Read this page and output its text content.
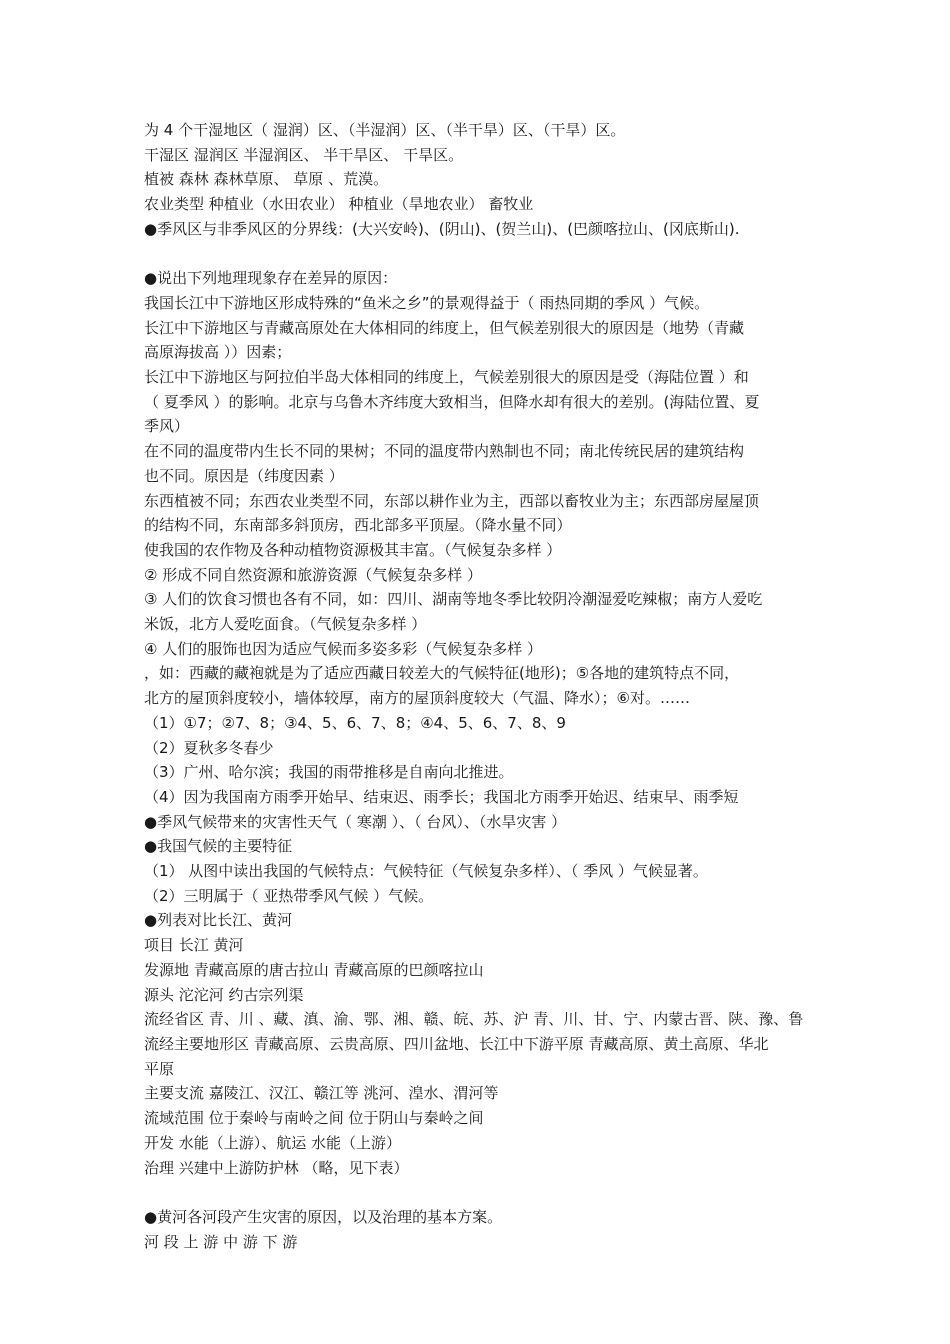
为 4 个干湿地区（ 湿润）区、（半湿润）区、（半干旱）区、（干旱）区。
干湿区 湿润区 半湿润区、 半干旱区、 干旱区。
植被 森林 森林草原、 草原 、荒漠。
农业类型 种植业（水田农业） 种植业（旱地农业） 畜牧业
●季风区与非季风区的分界线：(大兴安岭)、(阴山)、(贺兰山)、(巴颜喀拉山、(冈底斯山).
●说出下列地理现象存在差异的原因：
我国长江中下游地区形成特殊的“鱼米之乡”的景观得益于（ 雨热同期的季风 ）气候。
长江中下游地区与青藏高原处在大体相同的纬度上，但气候差别很大的原因是（地势（青藏
高原海拔高 ））因素；
长江中下游地区与阿拉伯半岛大体相同的纬度上，气候差别很大的原因是受（海陆位置 ）和
（ 夏季风 ）的影响。北京与乌鲁木齐纬度大致相当，但降水却有很大的差别。(海陆位置、夏
季风）
在不同的温度带内生长不同的果树；不同的温度带内熟制也不同；南北传统民居的建筑结构
也不同。原因是（纬度因素 ）
东西植被不同；东西农业类型不同，东部以耕作业为主，西部以畜牧业为主；东西部房屋屋顶
的结构不同，东南部多斜顶房，西北部多平顶屋。（降水量不同）
使我国的农作物及各种动植物资源极其丰富。（气候复杂多样 ）
② 形成不同自然资源和旅游资源（气候复杂多样 ）
③ 人们的饮食习惯也各有不同，如：四川、湖南等地冬季比较阴冷潮湿爱吃辣椒；南方人爱吃
米饭，北方人爱吃面食。（气候复杂多样 ）
④ 人们的服饰也因为适应气候而多姿多彩（气候复杂多样 ）
，如：西藏的藏袍就是为了适应西藏日较差大的气候特征(地形)；⑤各地的建筑特点不同，
北方的屋顶斜度较小，墙体较厚，南方的屋顶斜度较大（气温、降水）；⑥对。……
（1）①7；②7、8；③4、5、6、7、8；④4、5、6、7、8、9
（2）夏秋多冬春少
（3）广州、哈尔滨；我国的雨带推移是自南向北推进。
（4）因为我国南方雨季开始早、结束迟、雨季长；我国北方雨季开始迟、结束早、雨季短
●季风气候带来的灾害性天气（ 寒潮 ）、（ 台风）、（水旱灾害 ）
●我国气候的主要特征
（1） 从图中读出我国的气候特点：气候特征（气候复杂多样）、（ 季风 ）气候显著。
（2）三明属于（ 亚热带季风气候 ）气候。
●列表对比长江、黄河
项目 长江 黄河
发源地 青藏高原的唐古拉山 青藏高原的巴颜喀拉山
源头 沱沱河 约古宗列渠
流经省区 青、川 、藏、滇、渝、鄂、湘、赣、皖、苏、沪 青、川、甘、宁、内蒙古晋、陕、豫、鲁
流经主要地形区 青藏高原、云贵高原、四川盆地、长江中下游平原 青藏高原、黄土高原、华北
平原
主要支流 嘉陵江、汉江、赣江等 洮河、湟水、渭河等
流域范围 位于秦岭与南岭之间 位于阴山与秦岭之间
开发 水能（上游）、航运 水能（上游）
治理 兴建中上游防护林 （略，见下表）
●黄河各河段产生灾害的原因，以及治理的基本方案。
河 段 上 游 中 游 下 游
